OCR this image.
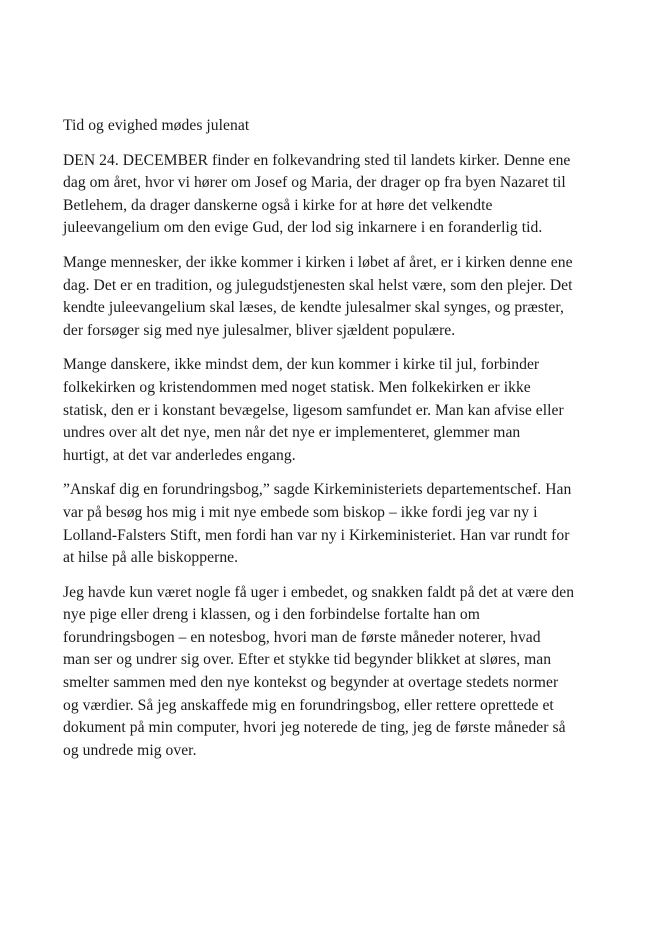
Tid og evighed mødes julenat
DEN 24. DECEMBER finder en folkevandring sted til landets kirker. Denne ene
dag om året, hvor vi hører om Josef og Maria, der drager op fra byen Nazaret til
Betlehem, da drager danskerne også i kirke for at høre det velkendte
juleevangelium om den evige Gud, der lod sig inkarnere i en foranderlig tid.
Mange mennesker, der ikke kommer i kirken i løbet af året, er i kirken denne ene
dag. Det er en tradition, og julegudstjenesten skal helst være, som den plejer. Det
kendte juleevangelium skal læses, de kendte julesalmer skal synges, og præster,
der forsøger sig med nye julesalmer, bliver sjældent populære.
Mange danskere, ikke mindst dem, der kun kommer i kirke til jul, forbinder
folkekirken og kristendommen med noget statisk. Men folkekirken er ikke
statisk, den er i konstant bevægelse, ligesom samfundet er. Man kan afvise eller
undres over alt det nye, men når det nye er implementeret, glemmer man
hurtigt, at det var anderledes engang.
”Anskaf dig en forundringsbog,” sagde Kirkeministeriets departementschef. Han
var på besøg hos mig i mit nye embede som biskop – ikke fordi jeg var ny i
Lolland-Falsters Stift, men fordi han var ny i Kirkeministeriet. Han var rundt for
at hilse på alle biskopperne.
Jeg havde kun været nogle få uger i embedet, og snakken faldt på det at være den
nye pige eller dreng i klassen, og i den forbindelse fortalte han om
forundringsbogen – en notesbog, hvori man de første måneder noterer, hvad
man ser og undrer sig over. Efter et stykke tid begynder blikket at sløres, man
smelter sammen med den nye kontekst og begynder at overtage stedets normer
og værdier. Så jeg anskaffede mig en forundringsbog, eller rettere oprettede et
dokument på min computer, hvori jeg noterede de ting, jeg de første måneder så
og undrede mig over.
